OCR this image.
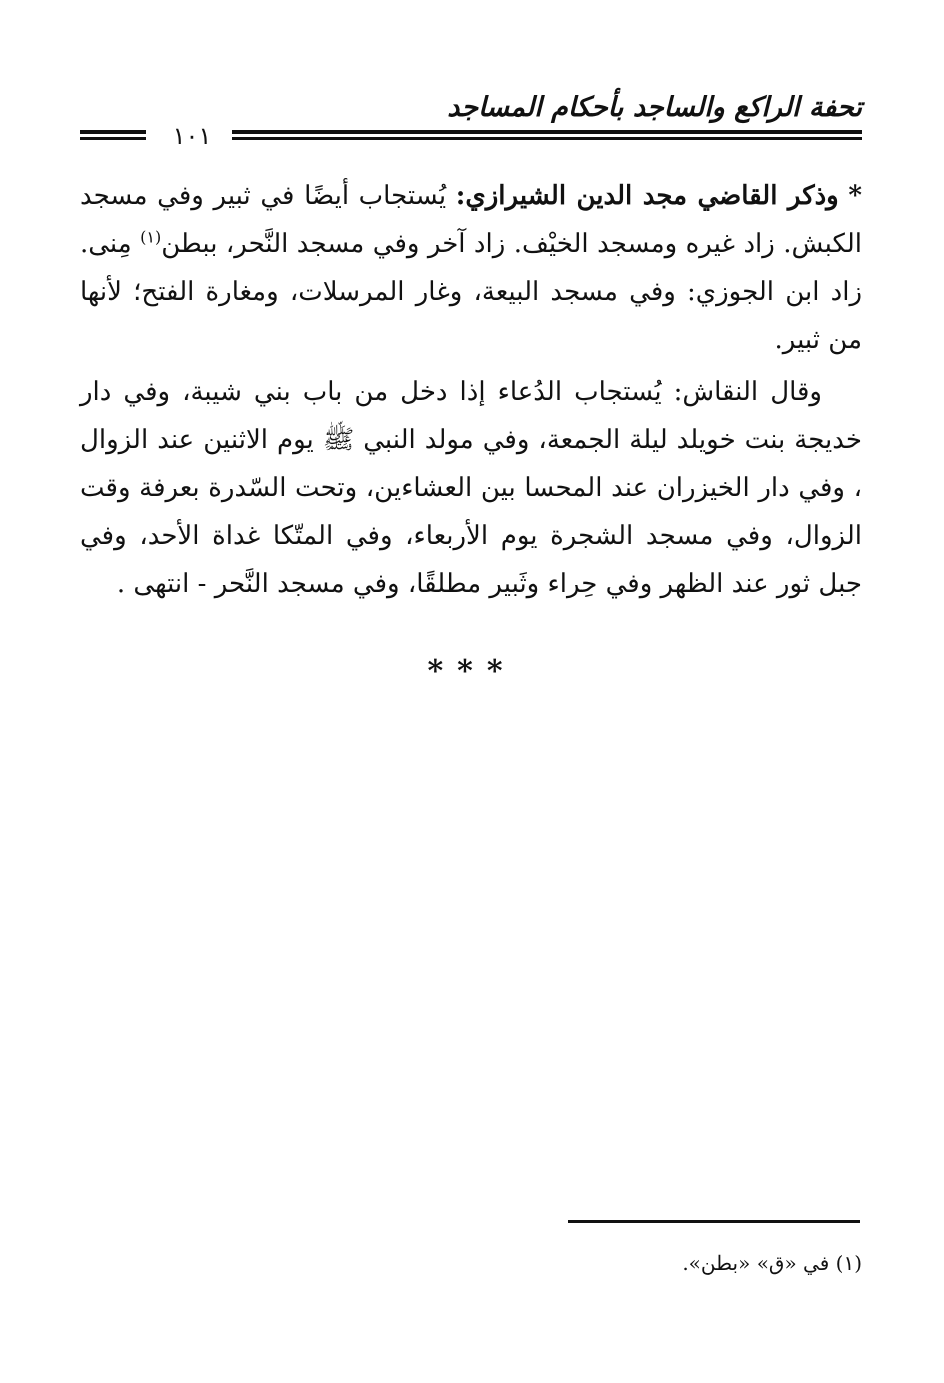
تحفة الراكع والساجد بأحكام المساجد
١٠١

* وذكر القاضي مجد الدين الشيرازي: يُستجاب أيضًا في ثبير وفي مسجد الكبش. زاد غيره ومسجد الخيْف. زاد آخر وفي مسجد النَّحر، ببطن$^{(١)}$ مِنى. زاد ابن الجوزي: وفي مسجد البيعة، وغار المرسلات، ومغارة الفتح؛ لأنها من ثبير.

وقال النقاش: يُستجاب الدُعاء إذا دخل من باب بني شيبة، وفي دار خديجة بنت خويلد ليلة الجمعة، وفي مولد النبي ﷺ يوم الاثنين عند الزوال ، وفي دار الخيزران عند المحسا بين العشاءين، وتحت السّدرة بعرفة وقت الزوال، وفي مسجد الشجرة يوم الأربعاء، وفي المتّكا غداة الأحد، وفي جبل ثور عند الظهر وفي حِراء وثَبير مطلقًا، وفي مسجد النَّحر - انتهى .

***
(١) في «ق» «بطن».
